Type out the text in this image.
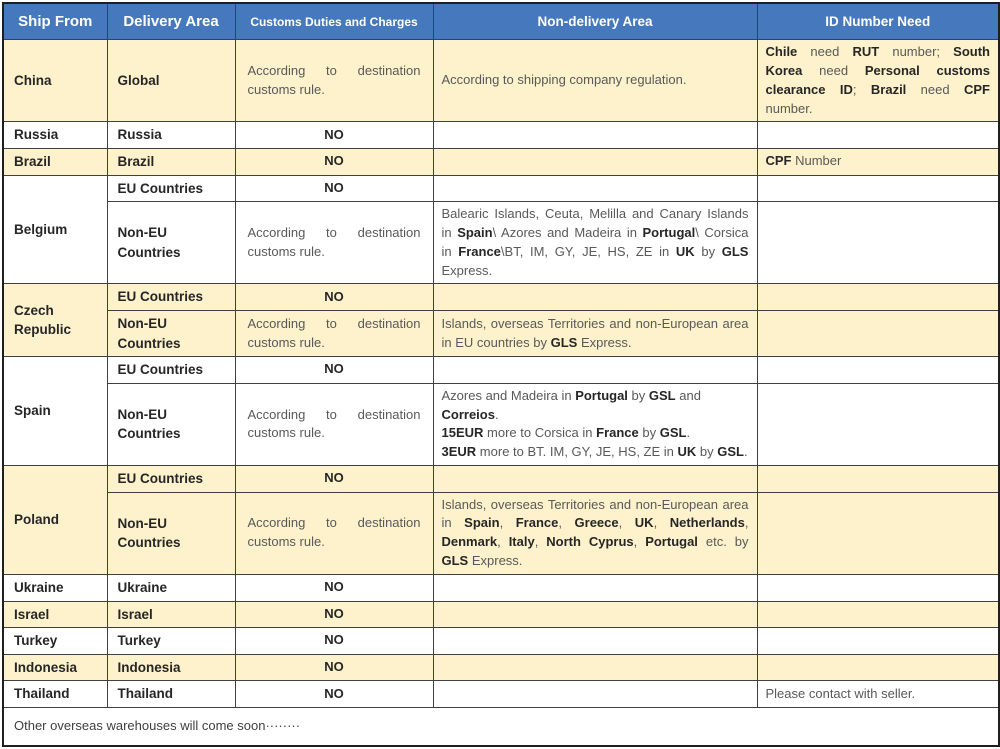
Ship From	Delivery Area	Customs Duties and Charges	Non-delivery Area	ID Number Need
China	Global	According to destination customs rule.	According to shipping company regulation.	Chile need RUT number; South Korea need Personal customs clearance ID; Brazil need CPF number.

Russia	Russia	NO		

Brazil	Brazil	NO		CPF Number

Belgium	EU Countries	NO		

	Non-EU Countries	According to destination customs rule.	Balearic Islands, Ceuta, Melilla and Canary Islands in Spain\ Azores and Madeira in Portugal\ Corsica in France\BT, IM, GY, JE, HS, ZE in UK by GLS Express.	

Czech Republic	EU Countries	NO		

	Non-EU Countries	According to destination customs rule.	Islands, overseas Territories and non-European area in EU countries by GLS Express.	

Spain	EU Countries	NO		

	Non-EU Countries	According to destination customs rule.	Azores and Madeira in Portugal by GSL and Correios.
15EUR more to Corsica in France by GSL.
3EUR more to BT. IM, GY, JE, HS, ZE in UK by GSL.	

Poland	EU Countries	NO		

	Non-EU Countries	According to destination customs rule.	Islands, overseas Territories and non-European area in Spain, France, Greece, UK, Netherlands, Denmark, Italy, North Cyprus, Portugal etc. by GLS Express.	

Ukraine	Ukraine	NO		

Israel	Israel	NO		

Turkey	Turkey	NO		

Indonesia	Indonesia	NO		

Thailand	Thailand	NO		Please contact with seller.

Other overseas warehouses will come soon········				
